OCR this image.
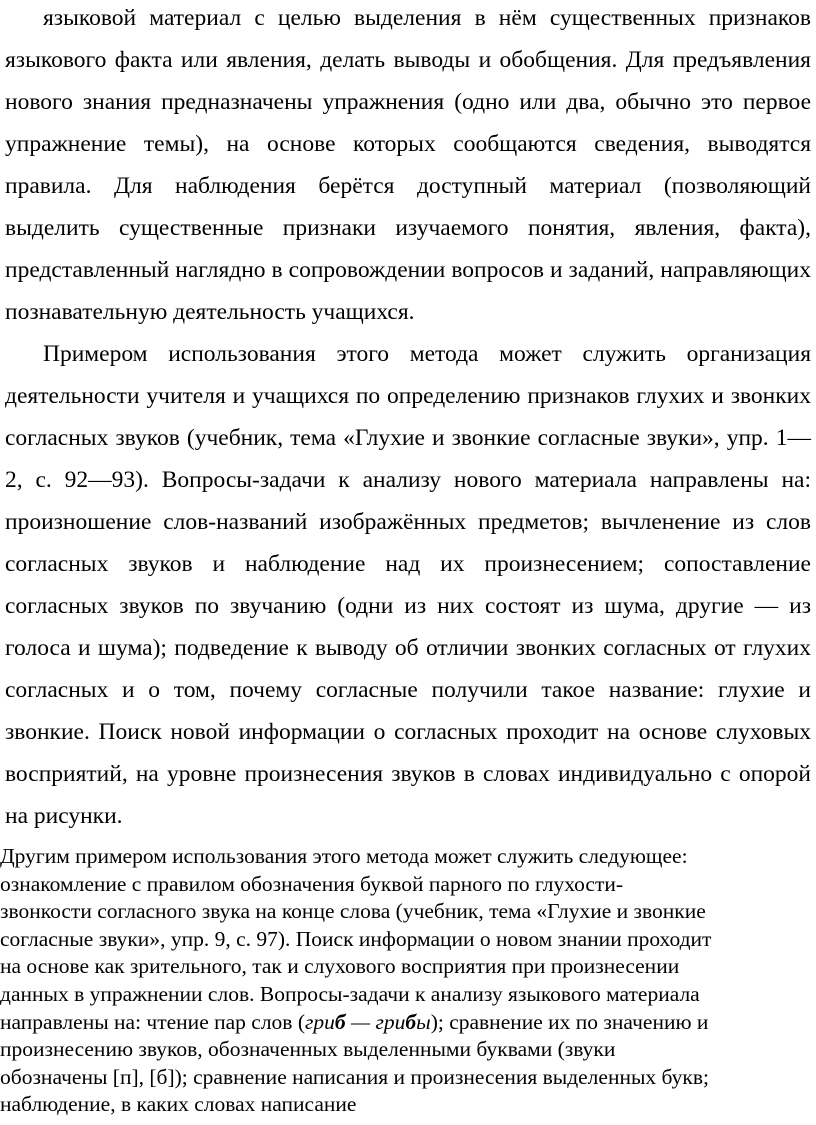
языковой материал с целью выделения в нём существенных признаков языкового факта или явления, делать выводы и обобщения. Для предъявления нового знания предназначены упражнения (одно или два, обычно это первое упражнение темы), на основе которых сообщаются сведения, выводятся правила. Для наблюдения берётся доступный материал (позволяющий выделить существенные признаки изучаемого понятия, явления, факта), представленный наглядно в сопровождении вопросов и заданий, направляющих познавательную деятельность учащихся.

Примером использования этого метода может служить организация деятельности учителя и учащихся по определению признаков глухих и звонких согласных звуков (учебник, тема «Глухие и звонкие согласные звуки», упр. 1—2, с. 92—93). Вопросы-задачи к анализу нового материала направлены на: произношение слов-названий изображённых предметов; вычленение из слов согласных звуков и наблюдение над их произнесением; сопоставление согласных звуков по звучанию (одни из них состоят из шума, другие — из голоса и шума); подведение к выводу об отличии звонких согласных от глухих согласных и о том, почему согласные получили такое название: глухие и звонкие. Поиск новой информации о согласных проходит на основе слуховых восприятий, на уровне произнесения звуков в словах индивидуально с опорой на рисунки.

Другим примером использования этого метода может служить следующее:
ознакомление с правилом обозначения буквой парного по глухости-
звонкости согласного звука на конце слова (учебник, тема «Глухие и звонкие
согласные звуки», упр. 9, с. 97). Поиск информации о новом знании проходит
на основе как зрительного, так и слухового восприятия при произнесении
данных в упражнении слов. Вопросы-задачи к анализу языкового материала
направлены на: чтение пар слов (гриб — грибы); сравнение их по значению и
произнесению звуков, обозначенных выделенными буквами (звуки
обозначены [п], [б]); сравнение написания и произнесения выделенных букв;
наблюдение, в каких словах написание
